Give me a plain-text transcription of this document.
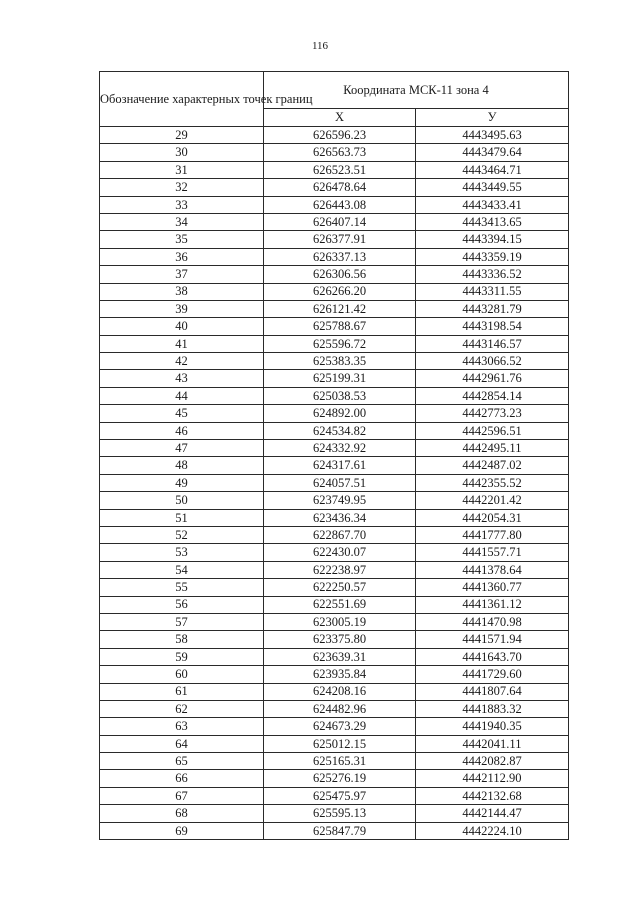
116
Обозначение характерных точек границ	Координата МСК-11 зона 4	
	X	У
29	626596.23	4443495.63
30	626563.73	4443479.64
31	626523.51	4443464.71
32	626478.64	4443449.55
33	626443.08	4443433.41
34	626407.14	4443413.65
35	626377.91	4443394.15
36	626337.13	4443359.19
37	626306.56	4443336.52
38	626266.20	4443311.55
39	626121.42	4443281.79
40	625788.67	4443198.54
41	625596.72	4443146.57
42	625383.35	4443066.52
43	625199.31	4442961.76
44	625038.53	4442854.14
45	624892.00	4442773.23
46	624534.82	4442596.51
47	624332.92	4442495.11
48	624317.61	4442487.02
49	624057.51	4442355.52
50	623749.95	4442201.42
51	623436.34	4442054.31
52	622867.70	4441777.80
53	622430.07	4441557.71
54	622238.97	4441378.64
55	622250.57	4441360.77
56	622551.69	4441361.12
57	623005.19	4441470.98
58	623375.80	4441571.94
59	623639.31	4441643.70
60	623935.84	4441729.60
61	624208.16	4441807.64
62	624482.96	4441883.32
63	624673.29	4441940.35
64	625012.15	4442041.11
65	625165.31	4442082.87
66	625276.19	4442112.90
67	625475.97	4442132.68
68	625595.13	4442144.47
69	625847.79	4442224.10
